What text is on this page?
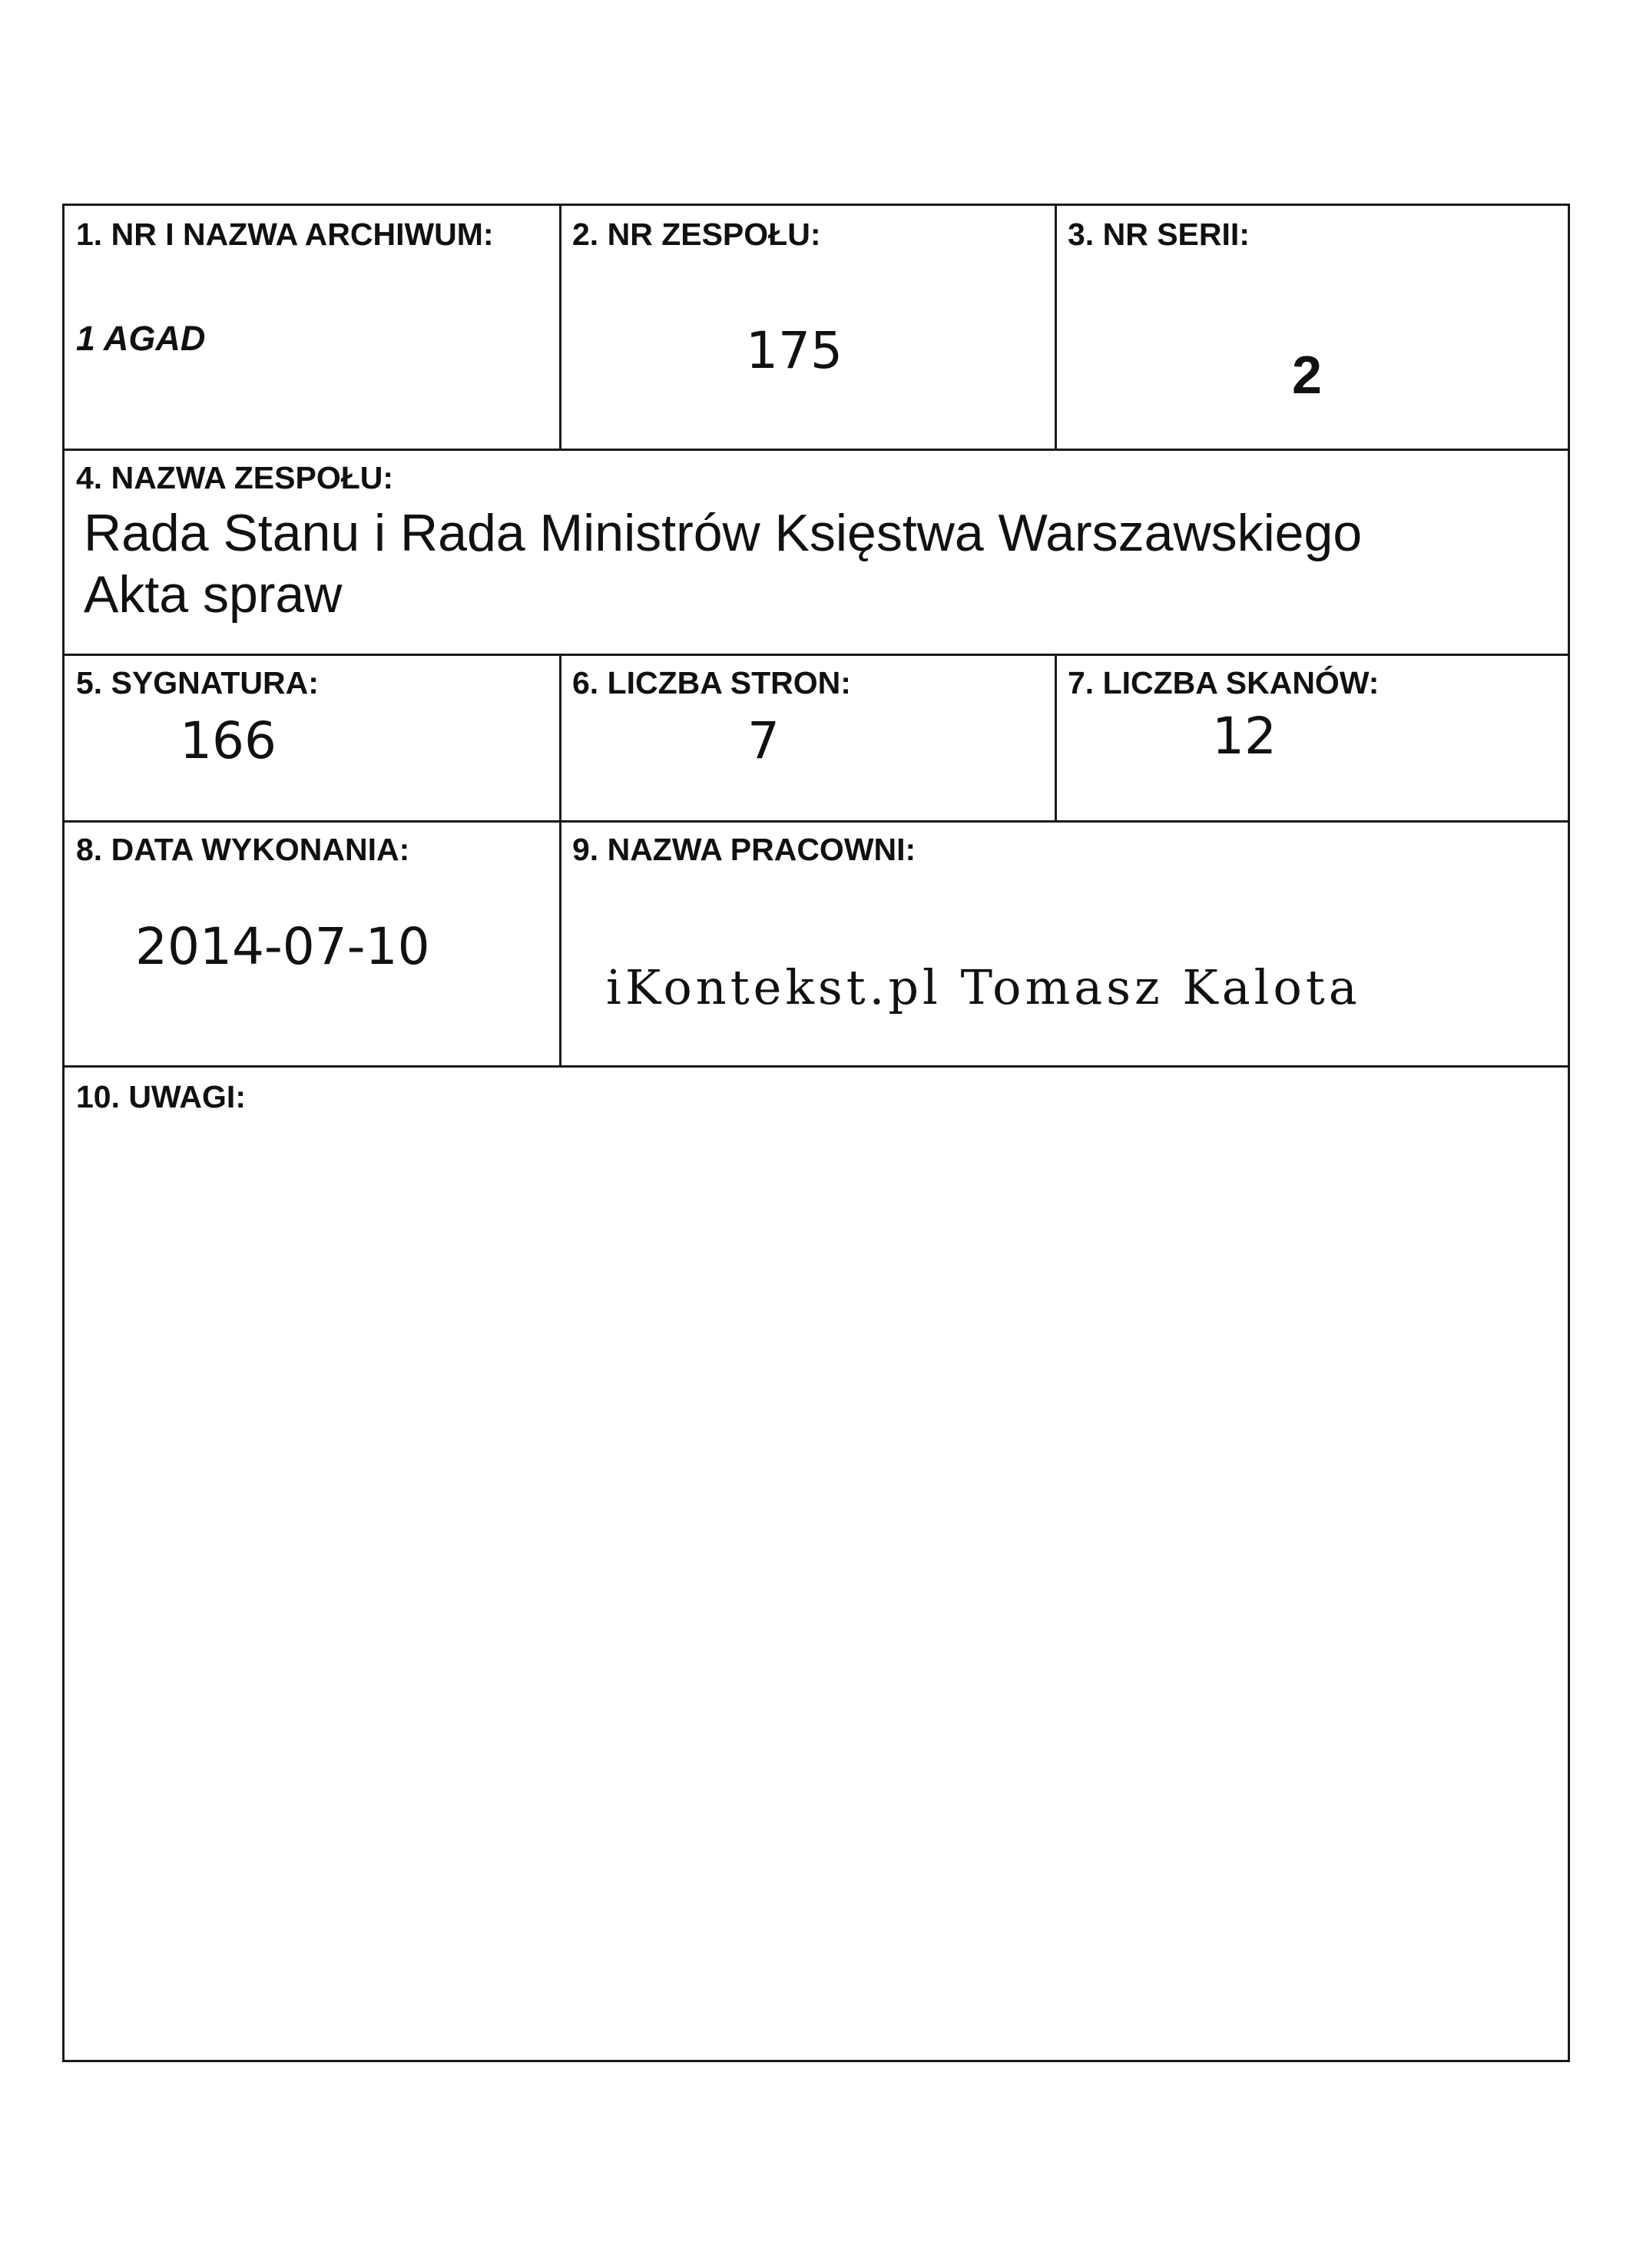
1. NR I NAZWA ARCHIWUM:
1 AGAD
2. NR ZESPOŁU:
175
3. NR SERII:
2
4. NAZWA ZESPOŁU:
Rada Stanu i Rada Ministrów Księstwa Warszawskiego
Akta spraw
5. SYGNATURA:
166
6. LICZBA STRON:
7
7. LICZBA SKANÓW:
12
8. DATA WYKONANIA:
2014-07-10
9. NAZWA PRACOWNI:
iKontekst.pl Tomasz Kalota
10. UWAGI:
